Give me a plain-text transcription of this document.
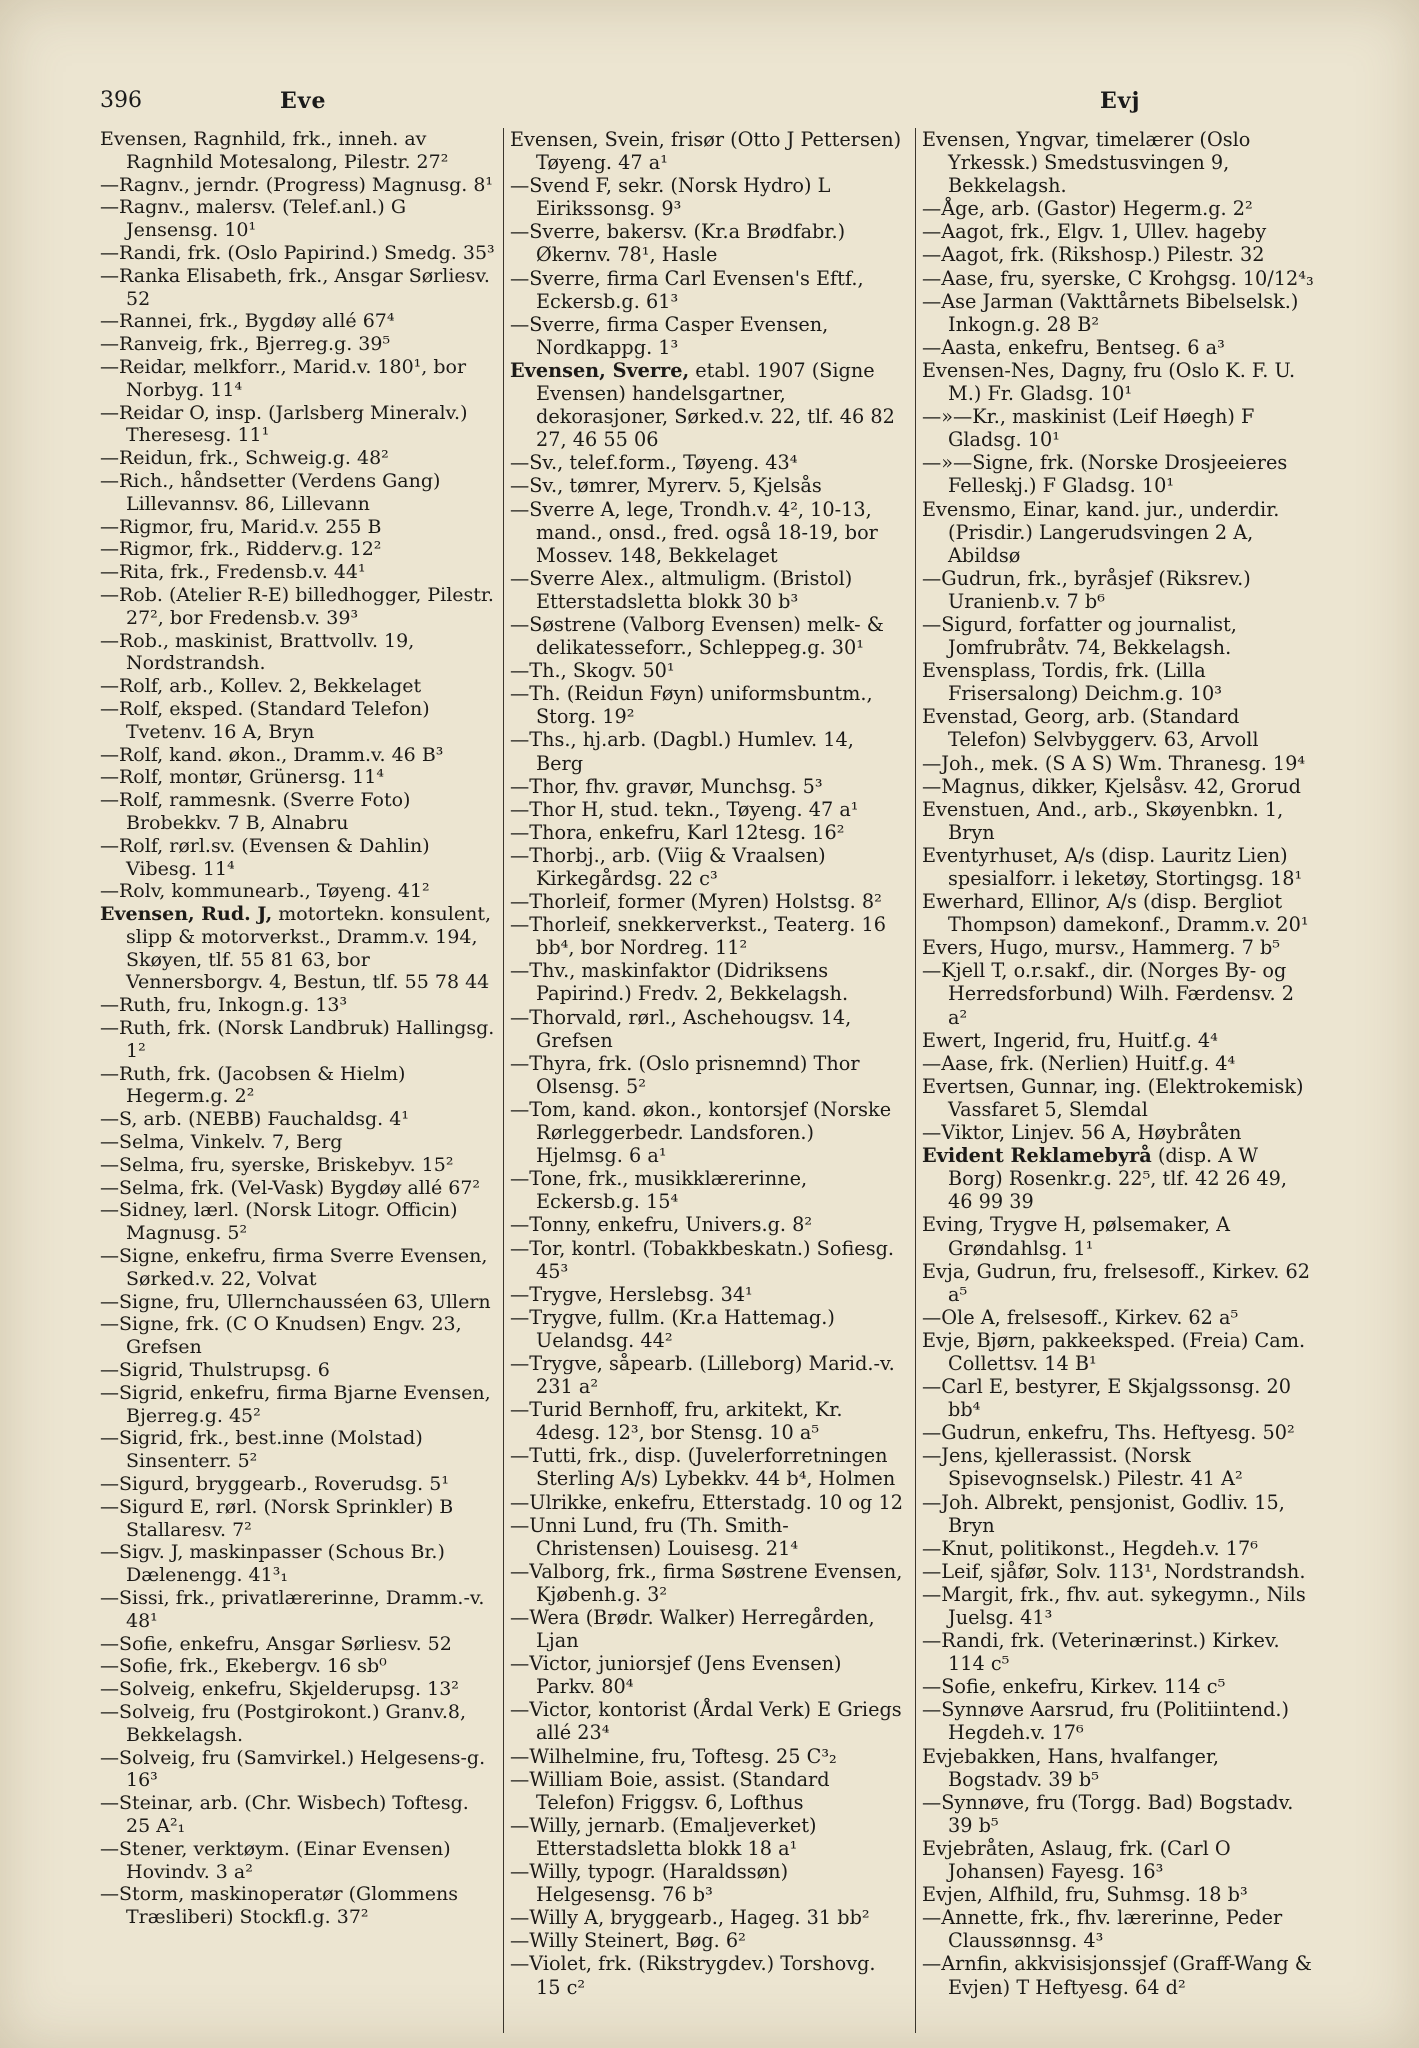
396	Eve	Evj

Evensen, Ragnhild, frk., inneh. av Ragnhild Motesalong, Pilestr. 27²

—Ragnv., jerndr. (Progress) Magnusg. 8¹

—Ragnv., malersv. (Telef.anl.) G Jensensg. 10¹

—Randi, frk. (Oslo Papirind.) Smedg. 35³

—Ranka Elisabeth, frk., Ansgar Sørliesv. 52

—Rannei, frk., Bygdøy allé 67⁴

—Ranveig, frk., Bjerreg.g. 39⁵

—Reidar, melkforr., Marid.v. 180¹, bor Norbyg. 11⁴

—Reidar O, insp. (Jarlsberg Mineralv.) Theresesg. 11¹

—Reidun, frk., Schweig.g. 48²

—Rich., håndsetter (Verdens Gang) Lillevannsv. 86, Lillevann

—Rigmor, fru, Marid.v. 255 B

—Rigmor, frk., Ridderv.g. 12²

—Rita, frk., Fredensb.v. 44¹

—Rob. (Atelier R-E) billedhogger, Pilestr. 27², bor Fredensb.v. 39³

—Rob., maskinist, Brattvollv. 19, Nordstrandsh.

—Rolf, arb., Kollev. 2, Bekkelaget

—Rolf, eksped. (Standard Telefon) Tvetenv. 16 A, Bryn

—Rolf, kand. økon., Dramm.v. 46 B³

—Rolf, montør, Grünersg. 11⁴

—Rolf, rammesnk. (Sverre Foto) Brobekkv. 7 B, Alnabru

—Rolf, rørl.sv. (Evensen & Dahlin) Vibesg. 11⁴

—Rolv, kommunearb., Tøyeng. 41²

Evensen, Rud. J, motortekn. konsulent, slipp & motorverkst., Dramm.v. 194, Skøyen, tlf. 55 81 63, bor Vennersborgv. 4, Bestun, tlf. 55 78 44

—Ruth, fru, Inkogn.g. 13³

—Ruth, frk. (Norsk Landbruk) Hallingsg. 1²

—Ruth, frk. (Jacobsen & Hielm) Hegerm.g. 2²

—S, arb. (NEBB) Fauchaldsg. 4¹

—Selma, Vinkelv. 7, Berg

—Selma, fru, syerske, Briskebyv. 15²

—Selma, frk. (Vel-Vask) Bygdøy allé 67²

—Sidney, lærl. (Norsk Litogr. Officin) Magnusg. 5²

—Signe, enkefru, firma Sverre Evensen, Sørked.v. 22, Volvat

—Signe, fru, Ullernchausséen 63, Ullern

—Signe, frk. (C O Knudsen) Engv. 23, Grefsen

—Sigrid, Thulstrupsg. 6

—Sigrid, enkefru, firma Bjarne Evensen, Bjerreg.g. 45²

—Sigrid, frk., best.inne (Molstad) Sinsenterr. 5²

—Sigurd, bryggearb., Roverudsg. 5¹

—Sigurd E, rørl. (Norsk Sprinkler) B Stallaresv. 7²

—Sigv. J, maskinpasser (Schous Br.) Dælenengg. 41³₁

—Sissi, frk., privatlærerinne, Dramm.-v. 48¹

—Sofie, enkefru, Ansgar Sørliesv. 52

—Sofie, frk., Ekebergv. 16 sb⁰

—Solveig, enkefru, Skjelderupsg. 13²

—Solveig, fru (Postgirokont.) Granv.8, Bekkelagsh.

—Solveig, fru (Samvirkel.) Helgesens-g. 16³

—Steinar, arb. (Chr. Wisbech) Toftesg. 25 A²₁

—Stener, verktøym. (Einar Evensen) Hovindv. 3 a²

—Storm, maskinoperatør (Glommens Træsliberi) Stockfl.g. 37²

Evensen, Svein, frisør (Otto J Pettersen) Tøyeng. 47 a¹

—Svend F, sekr. (Norsk Hydro) L Eirikssonsg. 9³

—Sverre, bakersv. (Kr.a Brødfabr.) Økernv. 78¹, Hasle

—Sverre, firma Carl Evensen's Eftf., Eckersb.g. 61³

—Sverre, firma Casper Evensen, Nordkappg. 1³

Evensen, Sverre, etabl. 1907 (Signe Evensen) handelsgartner, dekorasjoner, Sørked.v. 22, tlf. 46 82 27, 46 55 06

—Sv., telef.form., Tøyeng. 43⁴

—Sv., tømrer, Myrerv. 5, Kjelsås

—Sverre A, lege, Trondh.v. 4², 10-13, mand., onsd., fred. også 18-19, bor Mossev. 148, Bekkelaget

—Sverre Alex., altmuligm. (Bristol) Etterstadsletta blokk 30 b³

—Søstrene (Valborg Evensen) melk- & delikatesseforr., Schleppeg.g. 30¹

—Th., Skogv. 50¹

—Th. (Reidun Føyn) uniformsbuntm., Storg. 19²

—Ths., hj.arb. (Dagbl.) Humlev. 14, Berg

—Thor, fhv. gravør, Munchsg. 5³

—Thor H, stud. tekn., Tøyeng. 47 a¹

—Thora, enkefru, Karl 12tesg. 16²

—Thorbj., arb. (Viig & Vraalsen) Kirkegårdsg. 22 c³

—Thorleif, former (Myren) Holstsg. 8²

—Thorleif, snekkerverkst., Teaterg. 16 bb⁴, bor Nordreg. 11²

—Thv., maskinfaktor (Didriksens Papirind.) Fredv. 2, Bekkelagsh.

—Thorvald, rørl., Aschehougsv. 14, Grefsen

—Thyra, frk. (Oslo prisnemnd) Thor Olsensg. 5²

—Tom, kand. økon., kontorsjef (Norske Rørleggerbedr. Landsforen.) Hjelmsg. 6 a¹

—Tone, frk., musikklærerinne, Eckersb.g. 15⁴

—Tonny, enkefru, Univers.g. 8²

—Tor, kontrl. (Tobakkbeskatn.) Sofiesg. 45³

—Trygve, Herslebsg. 34¹

—Trygve, fullm. (Kr.a Hattemag.) Uelandsg. 44²

—Trygve, såpearb. (Lilleborg) Marid.-v. 231 a²

—Turid Bernhoff, fru, arkitekt, Kr. 4desg. 12³, bor Stensg. 10 a⁵

—Tutti, frk., disp. (Juvelerforretningen Sterling A/s) Lybekkv. 44 b⁴, Holmen

—Ulrikke, enkefru, Etterstadg. 10 og 12

—Unni Lund, fru (Th. Smith-Christensen) Louisesg. 21⁴

—Valborg, frk., firma Søstrene Evensen, Kjøbenh.g. 3²

—Wera (Brødr. Walker) Herregården, Ljan

—Victor, juniorsjef (Jens Evensen) Parkv. 80⁴

—Victor, kontorist (Årdal Verk) E Griegs allé 23⁴

—Wilhelmine, fru, Toftesg. 25 C³₂

—William Boie, assist. (Standard Telefon) Friggsv. 6, Lofthus

—Willy, jernarb. (Emaljeverket) Etterstadsletta blokk 18 a¹

—Willy, typogr. (Haraldssøn) Helgesensg. 76 b³

—Willy A, bryggearb., Hageg. 31 bb²

—Willy Steinert, Bøg. 6²

—Violet, frk. (Rikstrygdev.) Torshovg. 15 c²

Evensen, Yngvar, timelærer (Oslo Yrkessk.) Smedstusvingen 9, Bekkelagsh.

—Åge, arb. (Gastor) Hegerm.g. 2²

—Aagot, frk., Elgv. 1, Ullev. hageby

—Aagot, frk. (Rikshosp.) Pilestr. 32

—Aase, fru, syerske, C Krohgsg. 10/12⁴₃

—Ase Jarman (Vakttårnets Bibelselsk.) Inkogn.g. 28 B²

—Aasta, enkefru, Bentseg. 6 a³

Evensen-Nes, Dagny, fru (Oslo K. F. U. M.) Fr. Gladsg. 10¹

—»—Kr., maskinist (Leif Høegh) F Gladsg. 10¹

—»—Signe, frk. (Norske Drosjeeieres Felleskj.) F Gladsg. 10¹

Evensmo, Einar, kand. jur., underdir. (Prisdir.) Langerudsvingen 2 A, Abildsø

—Gudrun, frk., byråsjef (Riksrev.) Uranienb.v. 7 b⁶

—Sigurd, forfatter og journalist, Jomfrubråtv. 74, Bekkelagsh.

Evensplass, Tordis, frk. (Lilla Frisersalong) Deichm.g. 10³

Evenstad, Georg, arb. (Standard Telefon) Selvbyggerv. 63, Arvoll

—Joh., mek. (S A S) Wm. Thranesg. 19⁴

—Magnus, dikker, Kjelsåsv. 42, Grorud

Evenstuen, And., arb., Skøyenbkn. 1, Bryn

Eventyrhuset, A/s (disp. Lauritz Lien) spesialforr. i leketøy, Stortingsg. 18¹

Ewerhard, Ellinor, A/s (disp. Bergliot Thompson) damekonf., Dramm.v. 20¹

Evers, Hugo, mursv., Hammerg. 7 b⁵

—Kjell T, o.r.sakf., dir. (Norges By- og Herredsforbund) Wilh. Færdensv. 2 a²

Ewert, Ingerid, fru, Huitf.g. 4⁴

—Aase, frk. (Nerlien) Huitf.g. 4⁴

Evertsen, Gunnar, ing. (Elektrokemisk) Vassfaret 5, Slemdal

—Viktor, Linjev. 56 A, Høybråten

Evident Reklamebyrå (disp. A W Borg) Rosenkr.g. 22⁵, tlf. 42 26 49, 46 99 39

Eving, Trygve H, pølsemaker, A Grøndahlsg. 1¹

Evja, Gudrun, fru, frelsesoff., Kirkev. 62 a⁵

—Ole A, frelsesoff., Kirkev. 62 a⁵

Evje, Bjørn, pakkeeksped. (Freia) Cam. Collettsv. 14 B¹

—Carl E, bestyrer, E Skjalgssonsg. 20 bb⁴

—Gudrun, enkefru, Ths. Heftyesg. 50²

—Jens, kjellerassist. (Norsk Spisevognselsk.) Pilestr. 41 A²

—Joh. Albrekt, pensjonist, Godliv. 15, Bryn

—Knut, politikonst., Hegdeh.v. 17⁶

—Leif, sjåfør, Solv. 113¹, Nordstrandsh.

—Margit, frk., fhv. aut. sykegymn., Nils Juelsg. 41³

—Randi, frk. (Veterinærinst.) Kirkev. 114 c⁵

—Sofie, enkefru, Kirkev. 114 c⁵

—Synnøve Aarsrud, fru (Politiintend.) Hegdeh.v. 17⁶

Evjebakken, Hans, hvalfanger, Bogstadv. 39 b⁵

—Synnøve, fru (Torgg. Bad) Bogstadv. 39 b⁵

Evjebråten, Aslaug, frk. (Carl O Johansen) Fayesg. 16³

Evjen, Alfhild, fru, Suhmsg. 18 b³

—Annette, frk., fhv. lærerinne, Peder Claussønnsg. 4³

—Arnfin, akkvisisjonssjef (Graff-Wang & Evjen) T Heftyesg. 64 d²
